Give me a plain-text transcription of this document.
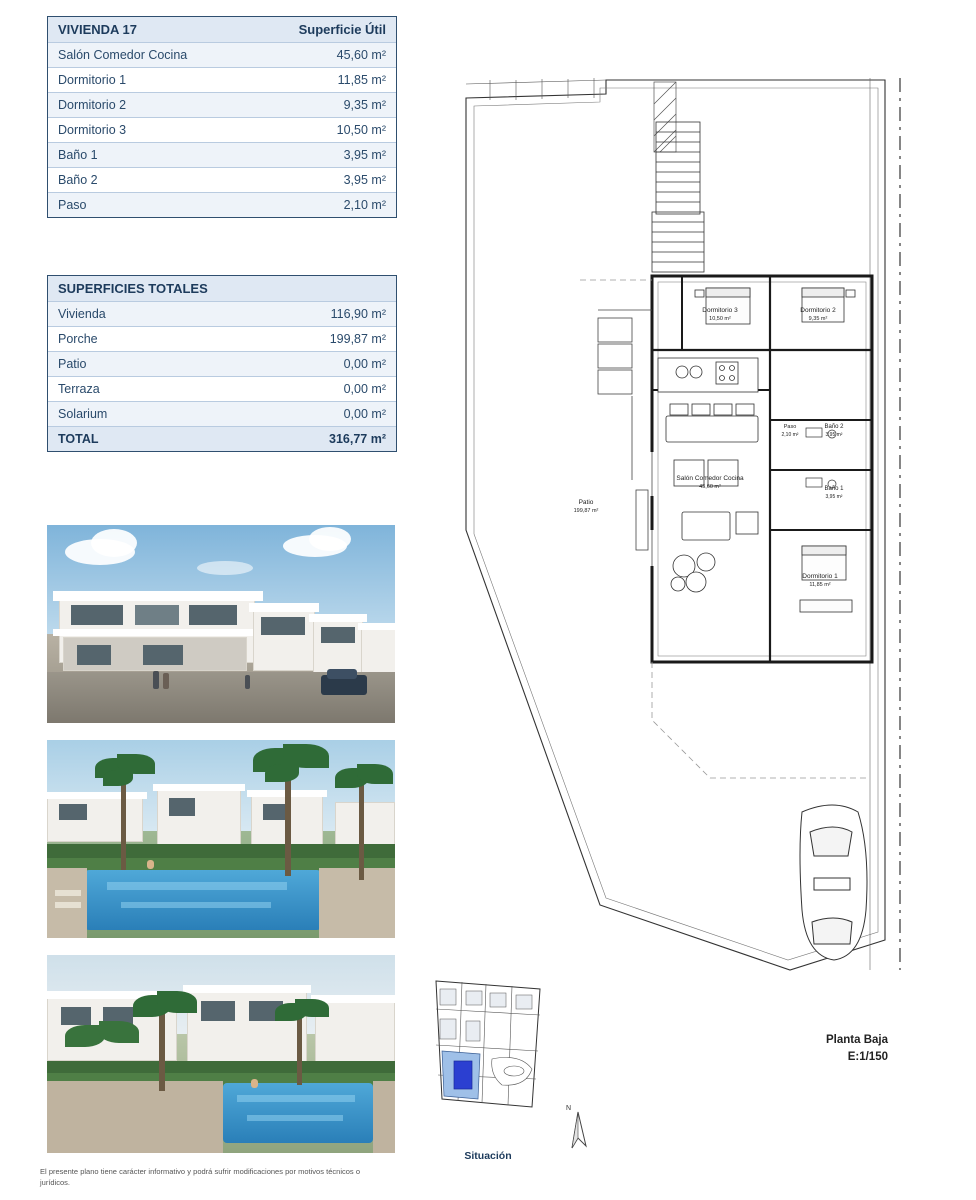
VIVIENDA 17	Superficie Útil
Salón Comedor Cocina	45,60 m²
Dormitorio 1	11,85 m²
Dormitorio 2	9,35 m²
Dormitorio 3	10,50 m²
Baño 1	3,95 m²
Baño 2	3,95 m²
Paso	2,10 m²
SUPERFICIES TOTALES	
Vivienda	116,90 m²
Porche	199,87 m²
Patio	0,00 m²
Terraza	0,00 m²
Solarium	0,00 m²
TOTAL	316,77 m²
El presente plano tiene carácter informativo y podrá sufrir modificaciones por motivos técnicos o jurídicos.
Dormitorio 3
10,50 m²
Dormitorio 2
9,35 m²
Dormitorio 1
11,85 m²
Paso
2,10 m²
Baño 2
3,95 m²
Baño 1
3,95 m²
Salón Comedor Cocina
45,60 m²
Patio
199,87 m²
Planta Baja
E:1/150
Situación
N
